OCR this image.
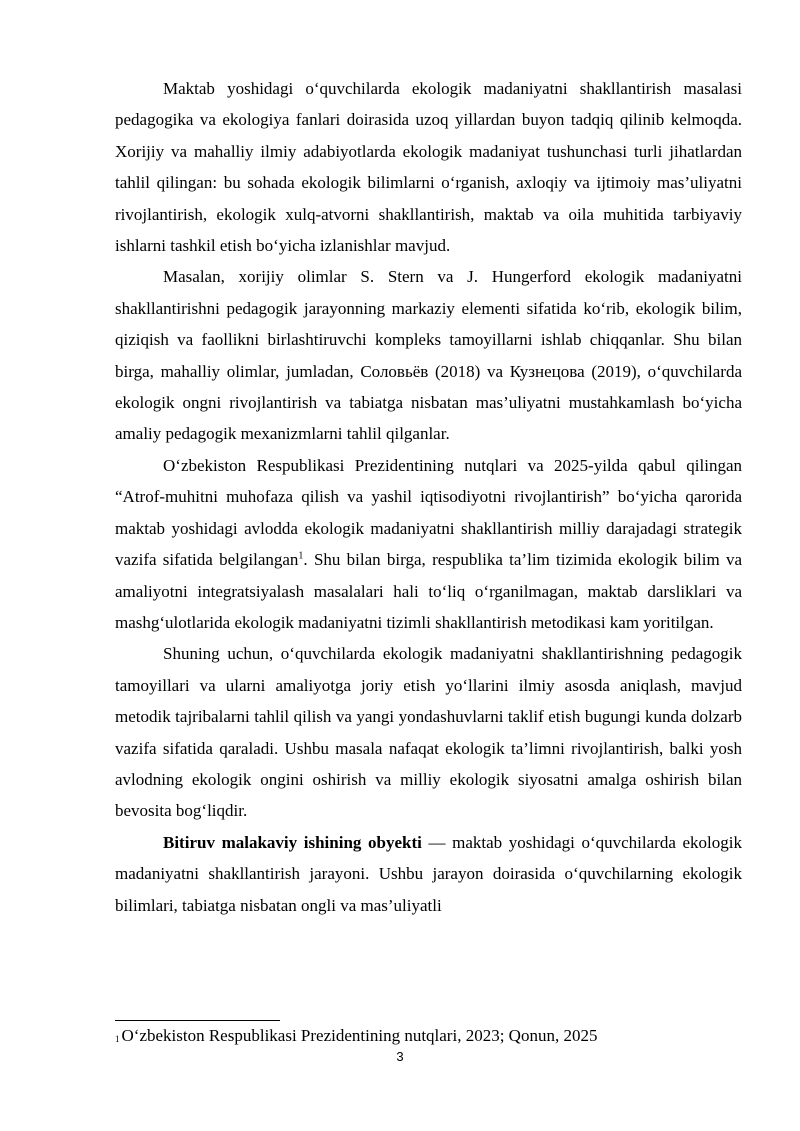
Maktab yoshidagi o‘quvchilarda ekologik madaniyatni shakllantirish masalasi pedagogika va ekologiya fanlari doirasida uzoq yillardan buyon tadqiq qilinib kelmoqda. Xorijiy va mahalliy ilmiy adabiyotlarda ekologik madaniyat tushunchasi turli jihatlardan tahlil qilingan: bu sohada ekologik bilimlarni o‘rganish, axloqiy va ijtimoiy mas’uliyatni rivojlantirish, ekologik xulq-atvorni shakllantirish, maktab va oila muhitida tarbiyaviy ishlarni tashkil etish bo‘yicha izlanishlar mavjud.

Masalan, xorijiy olimlar S. Stern va J. Hungerford ekologik madaniyatni shakllantirishni pedagogik jarayonning markaziy elementi sifatida ko‘rib, ekologik bilim, qiziqish va faollikni birlashtiruvchi kompleks tamoyillarni ishlab chiqqanlar. Shu bilan birga, mahalliy olimlar, jumladan, Соловьёв (2018) va Кузнецова (2019), o‘quvchilarda ekologik ongni rivojlantirish va tabiatga nisbatan mas’uliyatni mustahkamlash bo‘yicha amaliy pedagogik mexanizmlarni tahlil qilganlar.

O‘zbekiston Respublikasi Prezidentining nutqlari va 2025-yilda qabul qilingan “Atrof-muhitni muhofaza qilish va yashil iqtisodiyotni rivojlantirish” bo‘yicha qarorida maktab yoshidagi avlodda ekologik madaniyatni shakllantirish milliy darajadagi strategik vazifa sifatida belgilangan$^1$. Shu bilan birga, respublika ta’lim tizimida ekologik bilim va amaliyotni integratsiyalash masalalari hali to‘liq o‘rganilmagan, maktab darsliklari va mashg‘ulotlarida ekologik madaniyatni tizimli shakllantirish metodikasi kam yoritilgan.

Shuning uchun, o‘quvchilarda ekologik madaniyatni shakllantirishning pedagogik tamoyillari va ularni amaliyotga joriy etish yo‘llarini ilmiy asosda aniqlash, mavjud metodik tajribalarni tahlil qilish va yangi yondashuvlarni taklif etish bugungi kunda dolzarb vazifa sifatida qaraladi. Ushbu masala nafaqat ekologik ta’limni rivojlantirish, balki yosh avlodning ekologik ongini oshirish va milliy ekologik siyosatni amalga oshirish bilan bevosita bog‘liqdir.

Bitiruv malakaviy ishining obyekti — maktab yoshidagi o‘quvchilarda ekologik madaniyatni shakllantirish jarayoni. Ushbu jarayon doirasida o‘quvchilarning ekologik bilimlari, tabiatga nisbatan ongli va mas’uliyatli

$^1$ O‘zbekiston Respublikasi Prezidentining nutqlari, 2023; Qonun, 2025
3
